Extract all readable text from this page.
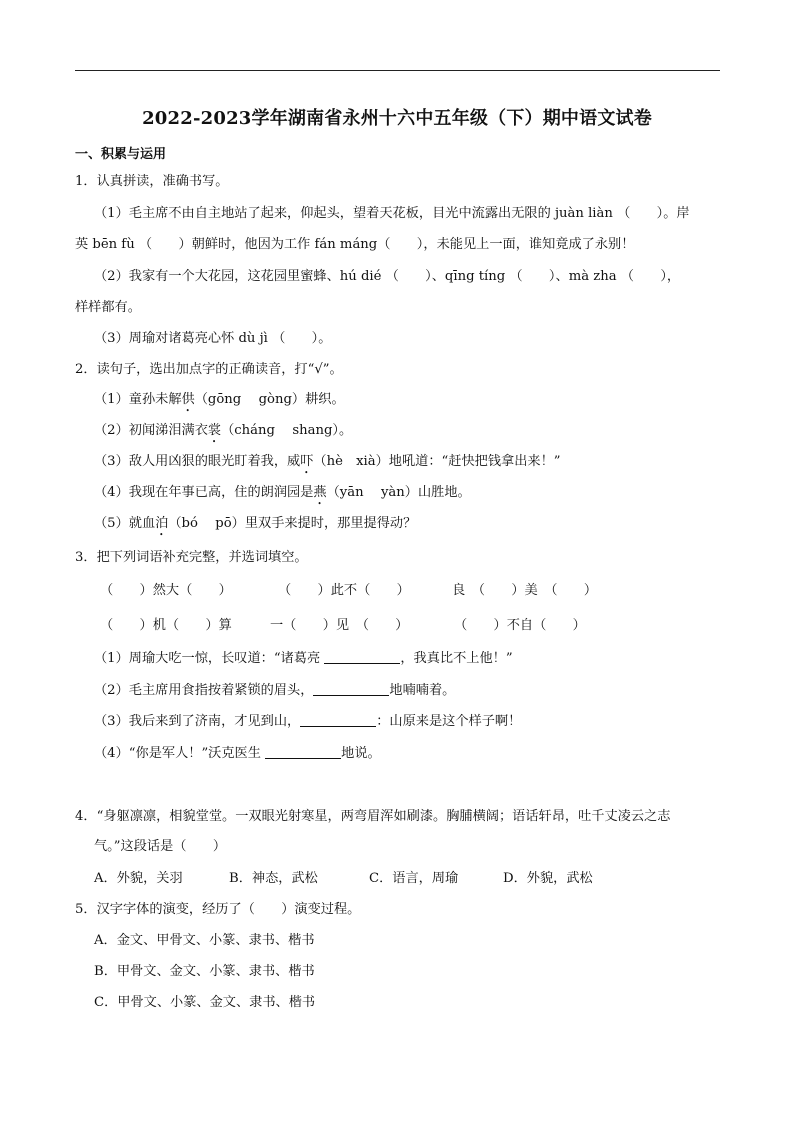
2022-2023学年湖南省永州十六中五年级（下）期中语文试卷
一、积累与运用
1．认真拼读，准确书写。
（1）毛主席不由自主地站了起来，仰起头，望着天花板，目光中流露出无限的 juàn liàn （　　）。岸
英 bēn fù （　　）朝鲜时，他因为工作 fán máng（　　），未能见上一面，谁知竟成了永别！
（2）我家有一个大花园，这花园里蜜蜂、hú dié （　　）、qīng tíng （　　）、mà zha （　　），
样样都有。
（3）周瑜对诸葛亮心怀 dù jì （　　）。
2．读句子，选出加点字的正确读音，打“√”。
（1）童孙未解供（gōng　 gòng）耕织。
（2）初闻涕泪满衣裳（cháng　 shang）。
（3）敌人用凶狠的眼光盯着我，威吓（hè　xià）地吼道：“赶快把钱拿出来！”
（4）我现在年事已高，住的朗润园是燕（yān　 yàn）山胜地。
（5）就血泊（bó　 pō）里双手来提时，那里提得动？
3．把下列词语补充完整，并选词填空。
（　　）然大（　　）	（　　）此不（　　）	良　（　　）美　（　　）
（　　）机（　　）算	一（　　）见　（　　）	（　　）不自（　　）
（1）周瑜大吃一惊，长叹道：“诸葛亮	，我真比不上他！”
（2）毛主席用食指按着紧锁的眉头，	地喃喃着。
（3）我后来到了济南，才见到山，	：山原来是这个样子啊！
（4）“你是军人！”沃克医生	地说。
4．“身躯凛凛，相貌堂堂。一双眼光射寒星，两弯眉浑如刷漆。胸脯横阔；语话轩昂，吐千丈凌云之志
气。”这段话是（　　）
A．外貌，关羽	B．神态，武松	C．语言，周瑜	D．外貌，武松
5．汉字字体的演变，经历了（　　）演变过程。
A．金文、甲骨文、小篆、隶书、楷书
B．甲骨文、金文、小篆、隶书、楷书
C．甲骨文、小篆、金文、隶书、楷书
